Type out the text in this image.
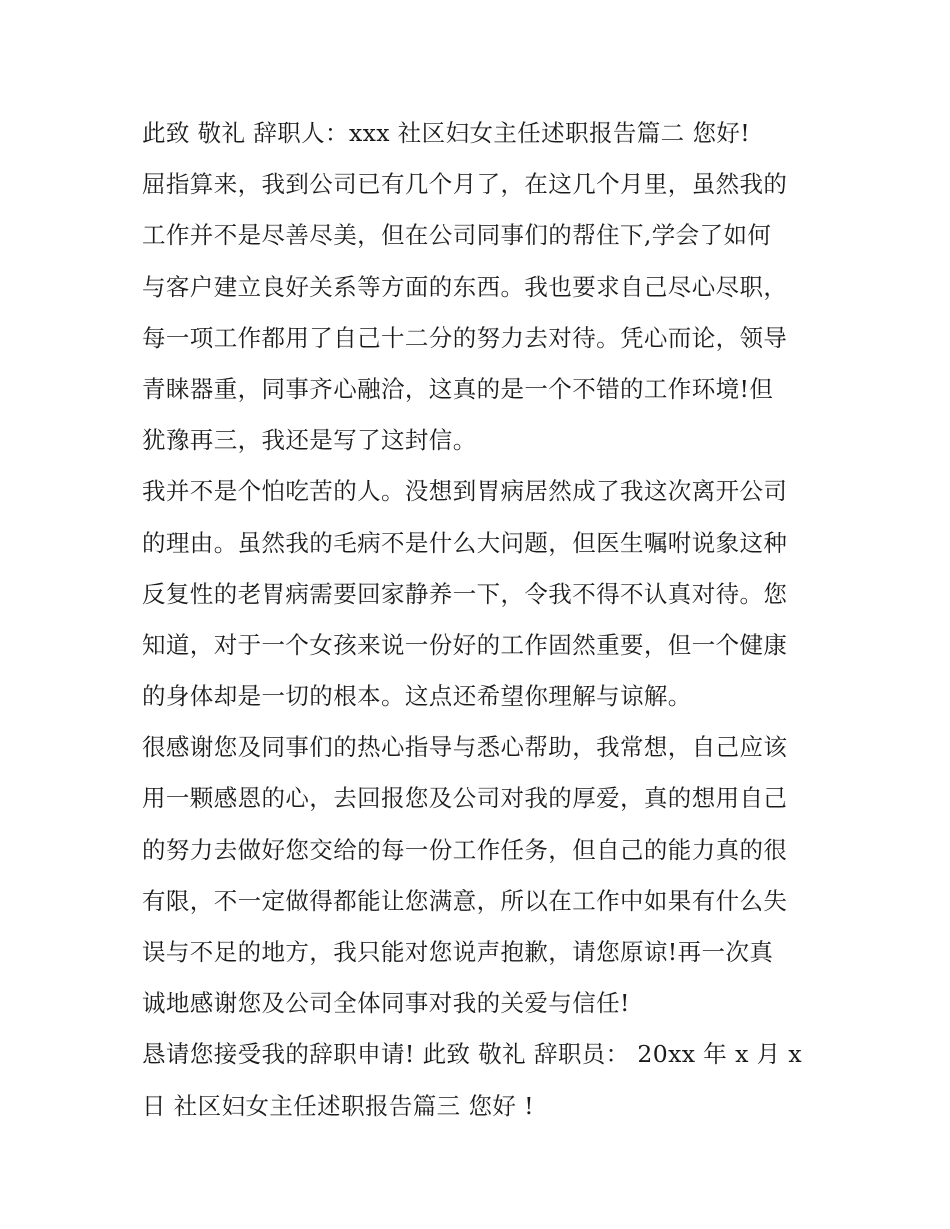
此致 敬礼 辞职人：xxx 社区妇女主任述职报告篇二 您好!
屈指算来，我到公司已有几个月了，在这几个月里，虽然我的
工作并不是尽善尽美，但在公司同事们的帮住下,学会了如何
与客户建立良好关系等方面的东西。我也要求自己尽心尽职，
每一项工作都用了自己十二分的努力去对待。凭心而论，领导
青睐器重，同事齐心融洽，这真的是一个不错的工作环境!但
犹豫再三，我还是写了这封信。
我并不是个怕吃苦的人。没想到胃病居然成了我这次离开公司
的理由。虽然我的毛病不是什么大问题，但医生嘱咐说象这种
反复性的老胃病需要回家静养一下，令我不得不认真对待。您
知道，对于一个女孩来说一份好的工作固然重要，但一个健康
的身体却是一切的根本。这点还希望你理解与谅解。
很感谢您及同事们的热心指导与悉心帮助，我常想，自己应该
用一颗感恩的心，去回报您及公司对我的厚爱，真的想用自己
的努力去做好您交给的每一份工作任务，但自己的能力真的很
有限，不一定做得都能让您满意，所以在工作中如果有什么失
误与不足的地方，我只能对您说声抱歉，请您原谅!再一次真
诚地感谢您及公司全体同事对我的关爱与信任!
恳请您接受我的辞职申请! 此致 敬礼 辞职员： 20xx 年 x 月 x
日 社区妇女主任述职报告篇三 您好 !
